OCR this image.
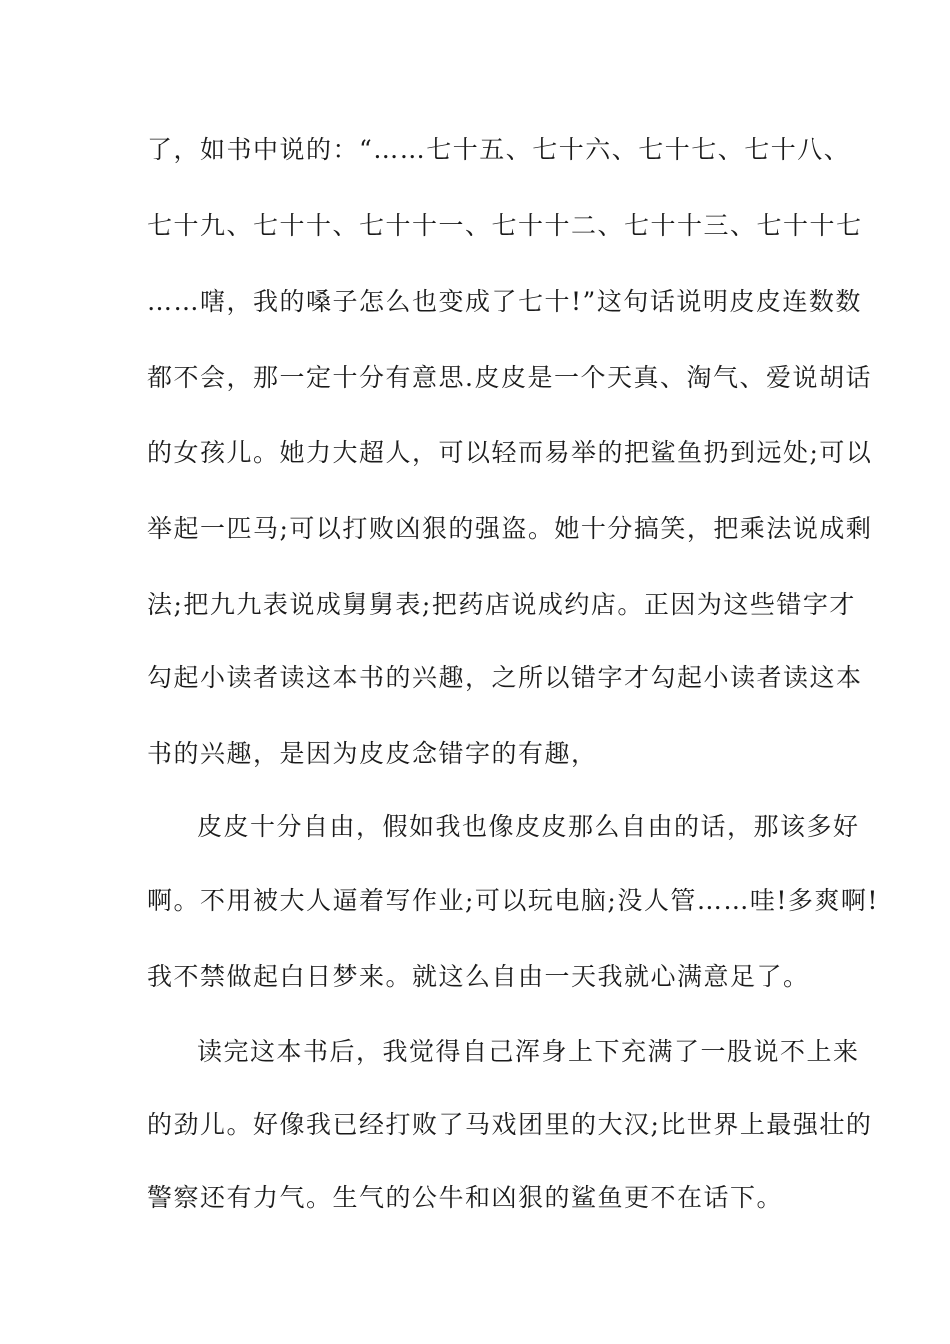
了，如书中说的：“……七十五、七十六、七十七、七十八、
七十九、七十十、七十十一、七十十二、七十十三、七十十七
……嗐，我的嗓子怎么也变成了七十!”这句话说明皮皮连数数
都不会，那一定十分有意思.皮皮是一个天真、淘气、爱说胡话
的女孩儿。她力大超人，可以轻而易举的把鲨鱼扔到远处;可以
举起一匹马;可以打败凶狠的强盗。她十分搞笑，把乘法说成剩
法;把九九表说成舅舅表;把药店说成约店。正因为这些错字才
勾起小读者读这本书的兴趣，之所以错字才勾起小读者读这本
书的兴趣，是因为皮皮念错字的有趣，
皮皮十分自由，假如我也像皮皮那么自由的话，那该多好
啊。不用被大人逼着写作业;可以玩电脑;没人管……哇!多爽啊!
我不禁做起白日梦来。就这么自由一天我就心满意足了。
读完这本书后，我觉得自己浑身上下充满了一股说不上来
的劲儿。好像我已经打败了马戏团里的大汉;比世界上最强壮的
警察还有力气。生气的公牛和凶狠的鲨鱼更不在话下。
